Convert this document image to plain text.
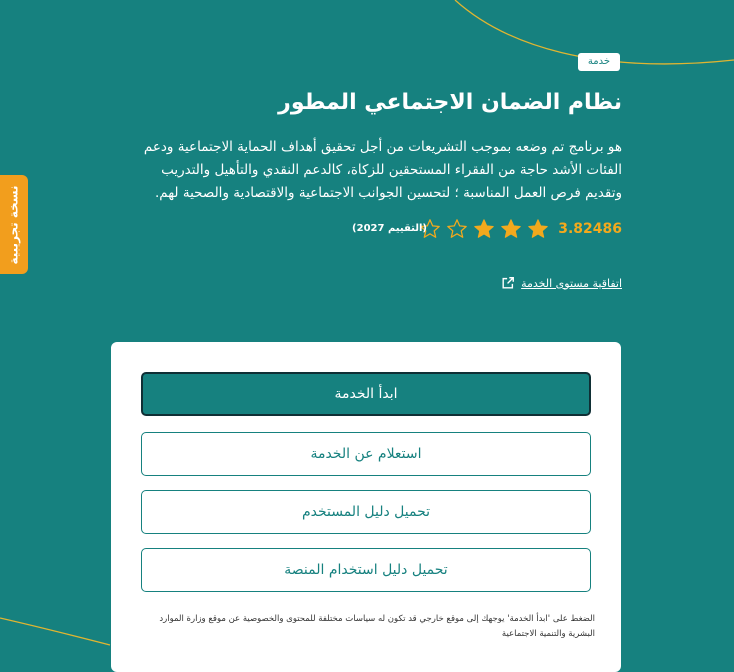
خدمة
نظام الضمان الاجتماعي المطور

هو برنامج تم وضعه بموجب التشريعات من أجل تحقيق أهداف الحماية الاجتماعية ودعم الفئات الأشد حاجة من الفقراء المستحقين للزكاة، كالدعم النقدي والتأهيل والتدريب وتقديم فرص العمل المناسبة ؛ لتحسين الجوانب الاجتماعية والاقتصادية والصحية لهم.

3.82486
(التقييم 2027)
اتفاقية مستوى الخدمة
نسخة تجريبية
ابدأ الخدمة
استعلام عن الخدمة
تحميل دليل المستخدم
تحميل دليل استخدام المنصة

الضغط على 'ابدأ الخدمة' يوجهك إلى موقع خارجي قد تكون له سياسات مختلفة للمحتوى والخصوصية عن موقع وزارة الموارد البشرية والتنمية الاجتماعية
